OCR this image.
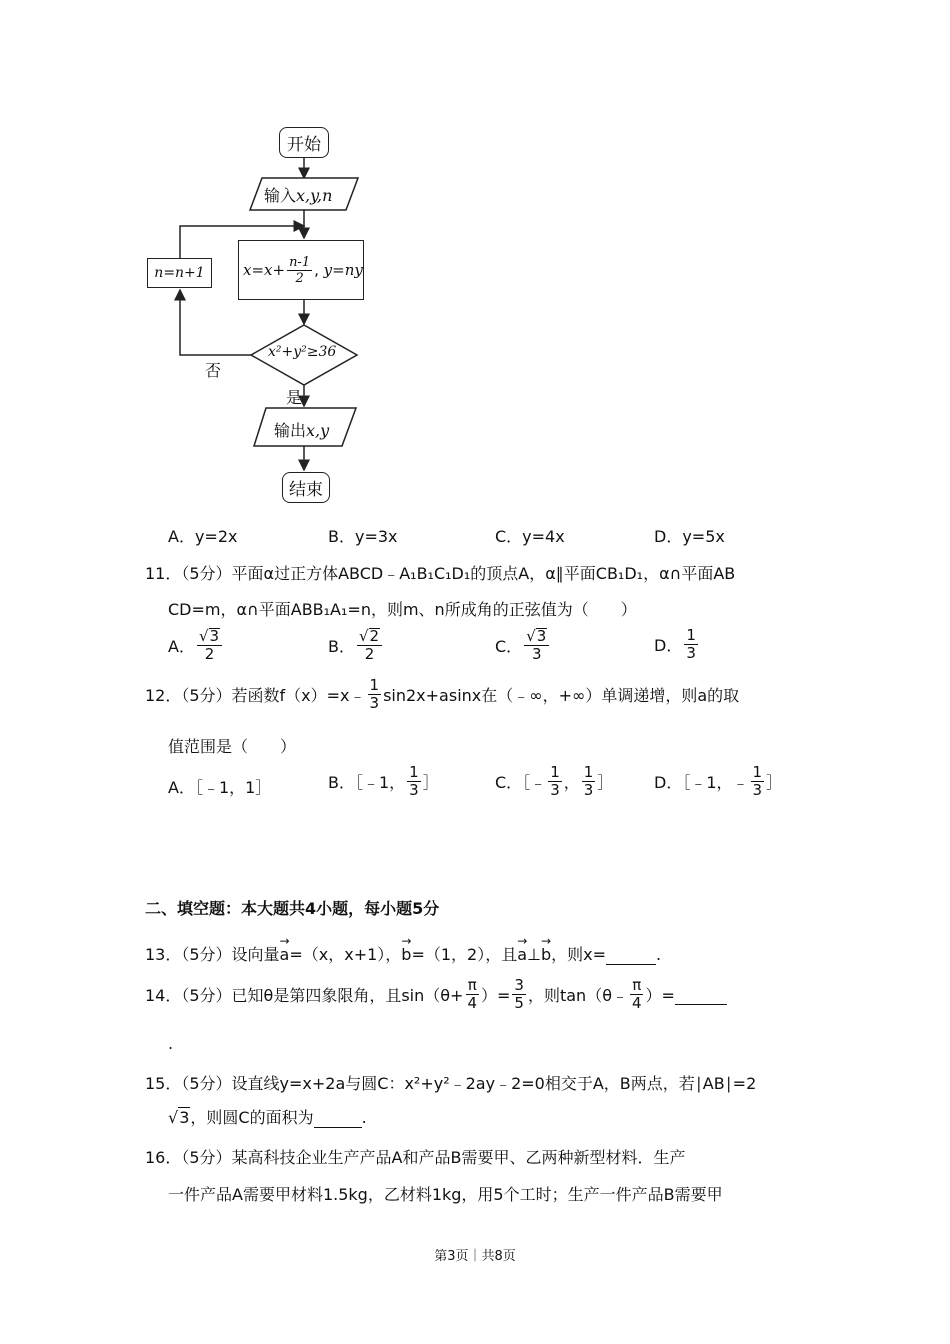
开始
输入x,y,n
$x=x+ \frac{n-1}{2}$ , y=ny
n=n+1
x²+y²≥36
否
是
输出x,y
结束
A．y=2x	B．y=3x	C．y=4x	D．y=5x
11．（5分）平面α过正方体ABCD﹣A₁B₁C₁D₁的顶点A，α∥平面CB₁D₁，α∩平面AB
CD=m，α∩平面ABB₁A₁=n，则m、n所成角的正弦值为（　　）
A． $\frac{√ 3}{2}$	B． $\frac{√ 2}{2}$	C． $\frac{√ 3}{3}$	D． $\frac{1}{3}$
12．（5分）若函数f（x）=x﹣ $\frac{1}{3} \sin 2x+asinx$在（﹣∞，+∞）单调递增，则a的取
值范围是（　　）
A．［﹣1，1］	B．［﹣1， $\frac{1}{3}$ ］	C．［﹣ $\frac{1}{3}$ ， $\frac{1}{3}$ ］	D．［﹣1，﹣ $\frac{1}{3}$ ］
二、填空题：本大题共4小题，每小题5分
13．（5分）设向量→ a=（x，x+1），→ b=（1，2），且→ a⊥→ b，则x=	.
14．（5分）已知θ是第四象限角，且$\sin(\theta+ \frac{\pi}{4}$ ）= $\frac{3}{5}$ ，则tan（θ﹣ $\frac{\pi}{4}$ ）=

.
15．（5分）设直线y=x+2a与圆C：x²+y²﹣2ay﹣2=0相交于A，B两点，若∣AB∣=2
√ 3 ，则圆C的面积为	.
16．（5分）某高科技企业生产产品A和产品B需要甲、乙两种新型材料．生产
一件产品A需要甲材料1.5kg，乙材料1kg，用5个工时；生产一件产品B需要甲
第3页｜共8页
